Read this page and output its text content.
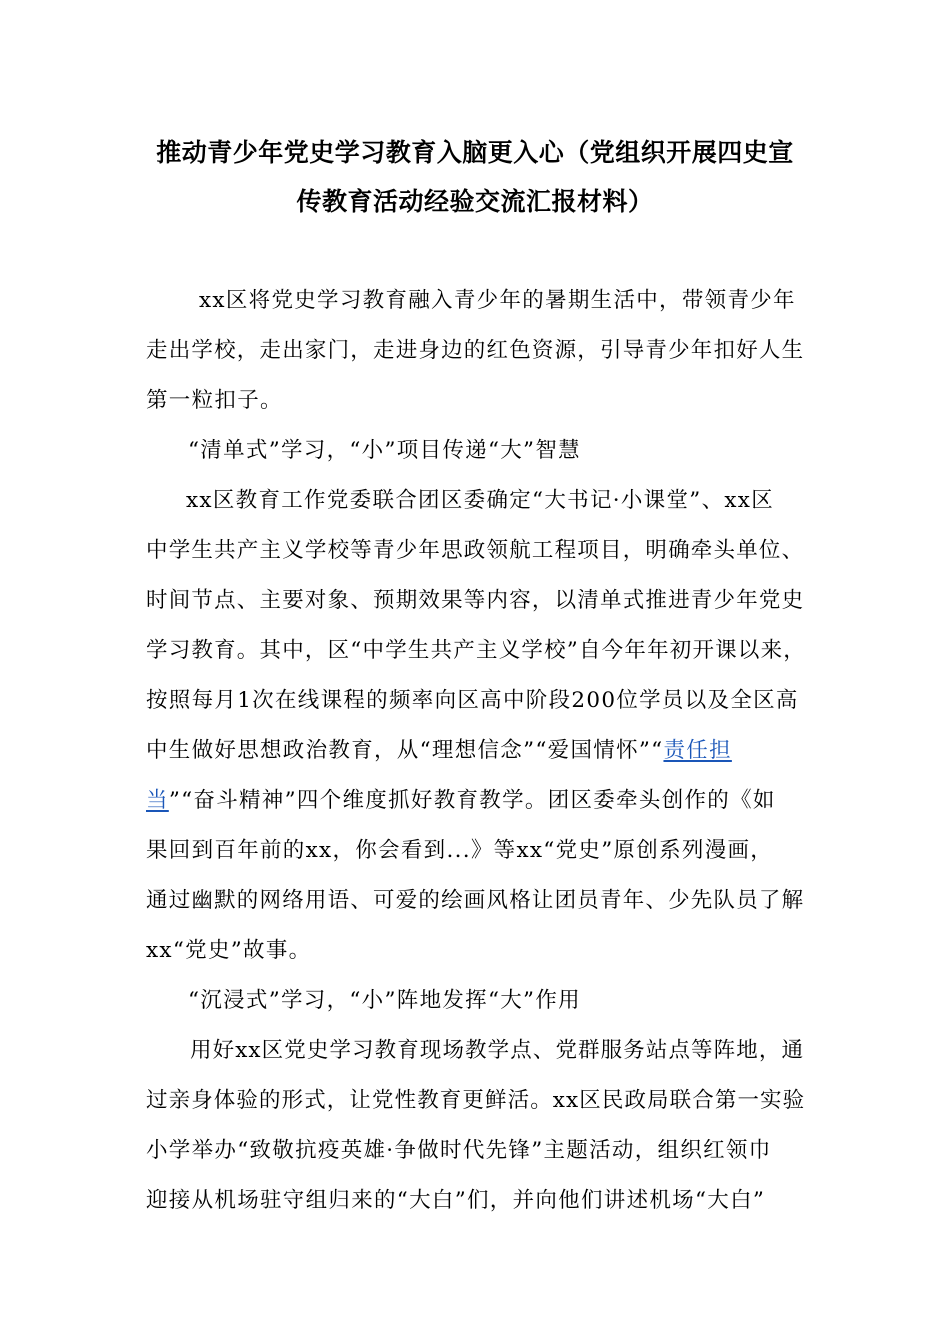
推动青少年党史学习教育入脑更入心（党组织开展四史宣
传教育活动经验交流汇报材料）
xx区将党史学习教育融入青少年的暑期生活中，带领青少年
走出学校，走出家门，走进身边的红色资源，引导青少年扣好人生
第一粒扣子。
“清单式”学习，“小”项目传递“大”智慧
xx区教育工作党委联合团区委确定“大书记·小课堂”、xx区
中学生共产主义学校等青少年思政领航工程项目，明确牵头单位、
时间节点、主要对象、预期效果等内容，以清单式推进青少年党史
学习教育。其中，区“中学生共产主义学校”自今年年初开课以来，
按照每月1次在线课程的频率向区高中阶段200位学员以及全区高
中生做好思想政治教育，从“理想信念”“爱国情怀”“责任担
当”“奋斗精神”四个维度抓好教育教学。团区委牵头创作的《如
果回到百年前的xx，你会看到...》等xx“党史”原创系列漫画，
通过幽默的网络用语、可爱的绘画风格让团员青年、少先队员了解
xx“党史”故事。
“沉浸式”学习，“小”阵地发挥“大”作用
用好xx区党史学习教育现场教学点、党群服务站点等阵地，通
过亲身体验的形式，让党性教育更鲜活。xx区民政局联合第一实验
小学举办“致敬抗疫英雄·争做时代先锋”主题活动，组织红领巾
迎接从机场驻守组归来的“大白”们，并向他们讲述机场“大白”
